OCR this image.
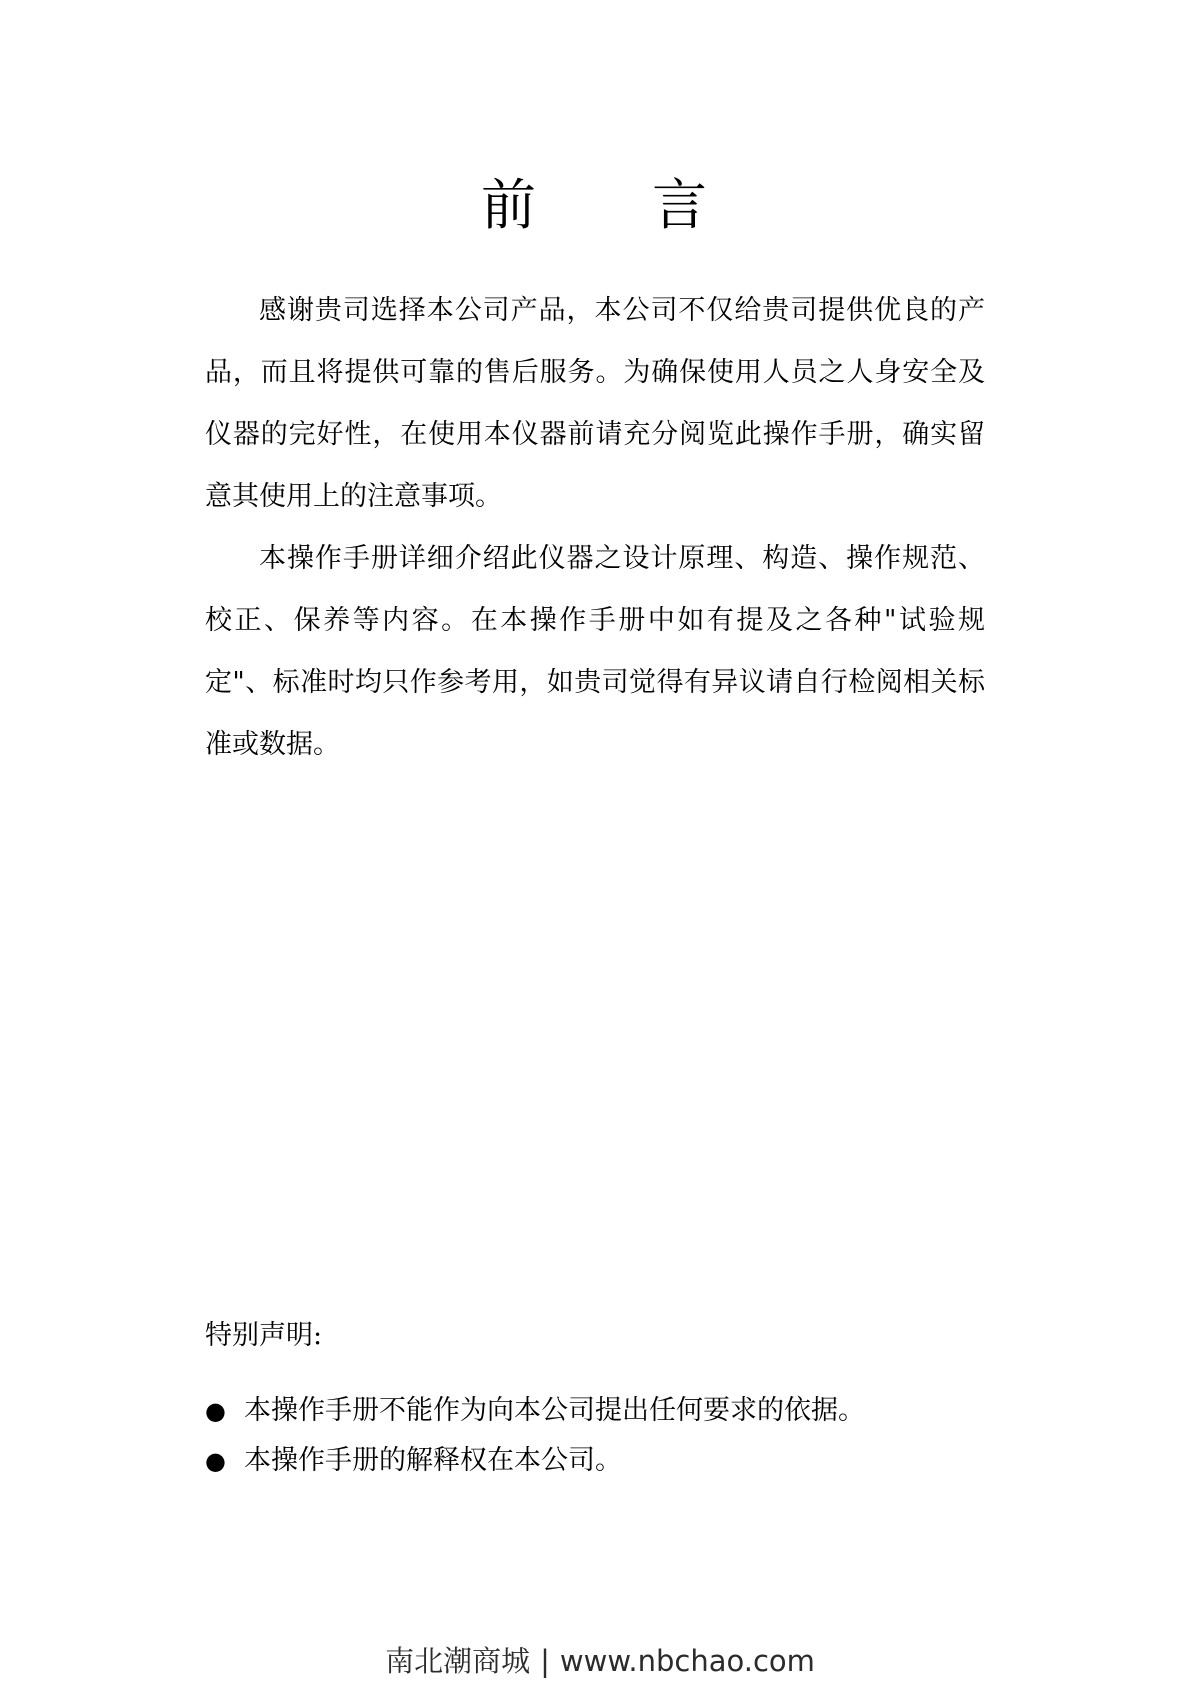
前　　言

感谢贵司选择本公司产品，本公司不仅给贵司提供优良的产品，而且将提供可靠的售后服务。为确保使用人员之人身安全及仪器的完好性，在使用本仪器前请充分阅览此操作手册，确实留意其使用上的注意事项。

本操作手册详细介绍此仪器之设计原理、构造、操作规范、校正、保养等内容。在本操作手册中如有提及之各种"试验规定"、标准时均只作参考用，如贵司觉得有异议请自行检阅相关标准或数据。

特别声明:
● 本操作手册不能作为向本公司提出任何要求的依据。
● 本操作手册的解释权在本公司。
南北潮商城 | www.nbchao.com
